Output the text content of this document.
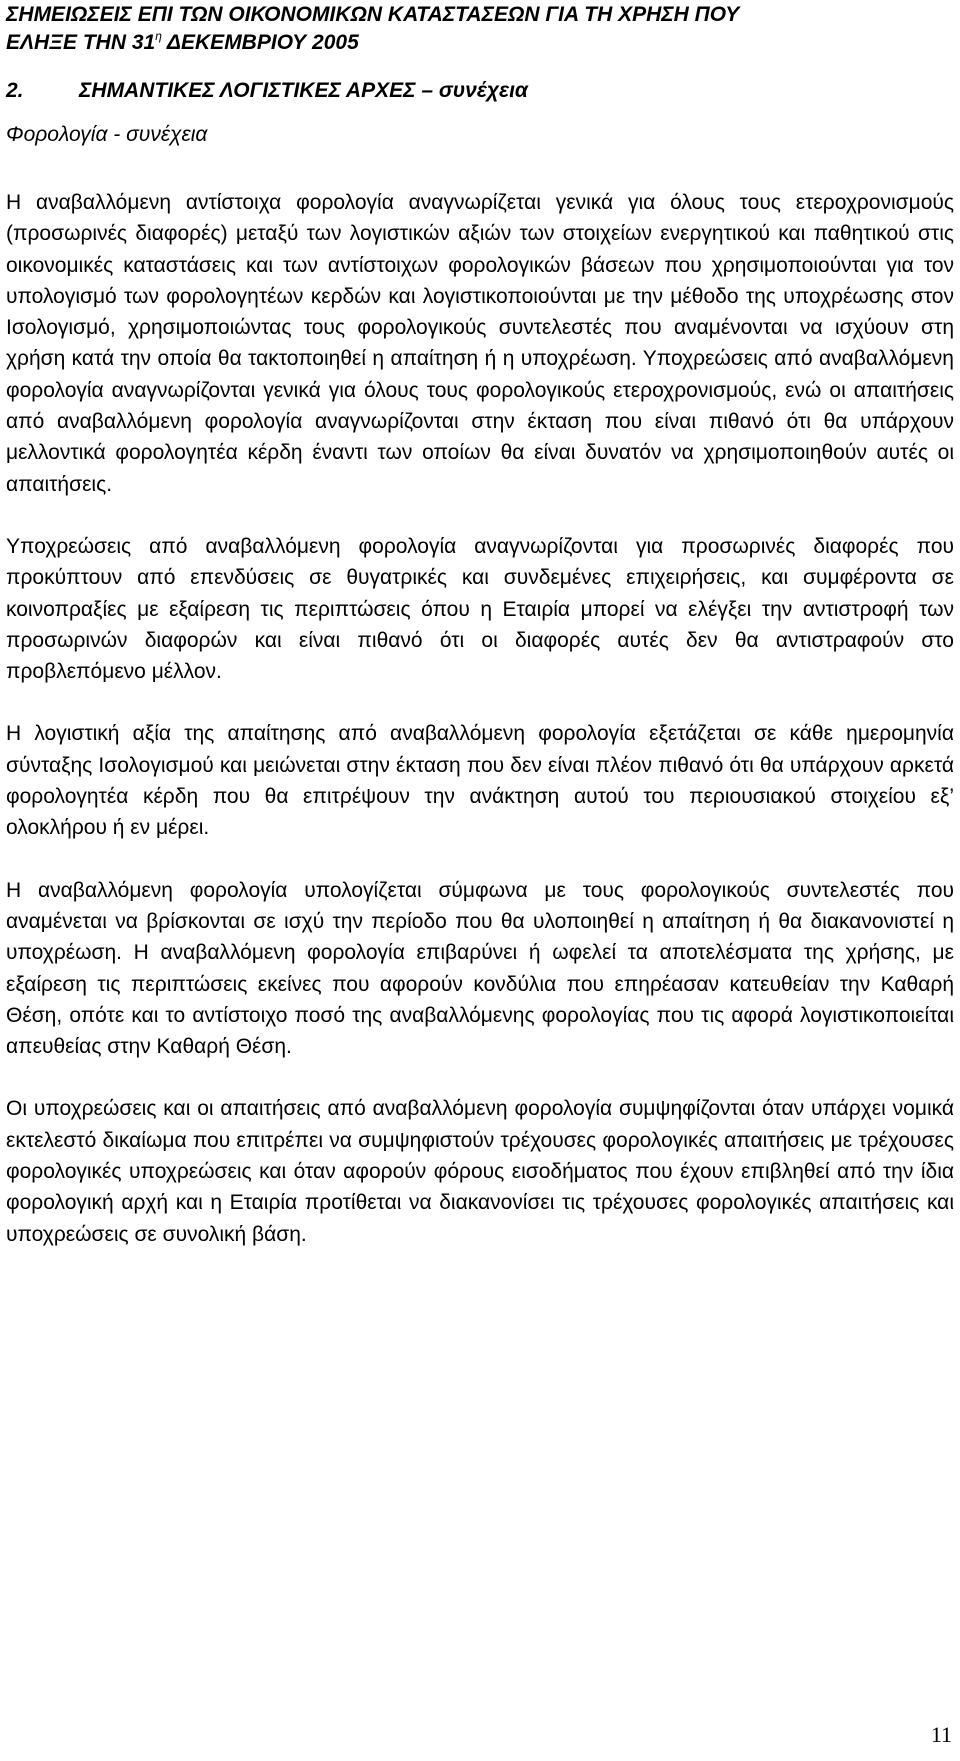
ΣΗΜΕΙΩΣΕΙΣ ΕΠΙ ΤΩΝ ΟΙΚΟΝΟΜΙΚΩΝ ΚΑΤΑΣΤΑΣΕΩΝ ΓΙΑ ΤΗ ΧΡΗΣΗ ΠΟΥ
ΕΛΗΞΕ ΤΗΝ $31^\eta$ ΔΕΚΕΜΒΡΙΟΥ 2005
2.	ΣΗΜΑΝΤΙΚΕΣ ΛΟΓΙΣΤΙΚΕΣ ΑΡΧΕΣ – συνέχεια
Φορολογία - συνέχεια

Η αναβαλλόμενη αντίστοιχα φορολογία αναγνωρίζεται γενικά για όλους τους ετεροχρονισμούς (προσωρινές διαφορές) μεταξύ των λογιστικών αξιών των στοιχείων ενεργητικού και παθητικού στις οικονομικές καταστάσεις και των αντίστοιχων φορολογικών βάσεων που χρησιμοποιούνται για τον υπολογισμό των φορολογητέων κερδών και λογιστικοποιούνται με την μέθοδο της υποχρέωσης στον Ισολογισμό, χρησιμοποιώντας τους φορολογικούς συντελεστές που αναμένονται να ισχύουν στη χρήση κατά την οποία θα τακτοποιηθεί η απαίτηση ή η υποχρέωση. Υποχρεώσεις από αναβαλλόμενη φορολογία αναγνωρίζονται γενικά για όλους τους φορολογικούς ετεροχρονισμούς, ενώ οι απαιτήσεις από αναβαλλόμενη φορολογία αναγνωρίζονται στην έκταση που είναι πιθανό ότι θα υπάρχουν μελλοντικά φορολογητέα κέρδη έναντι των οποίων θα είναι δυνατόν να χρησιμοποιηθούν αυτές οι απαιτήσεις.

Υποχρεώσεις από αναβαλλόμενη φορολογία αναγνωρίζονται για προσωρινές διαφορές που προκύπτουν από επενδύσεις σε θυγατρικές και συνδεμένες επιχειρήσεις, και συμφέροντα σε κοινοπραξίες με εξαίρεση τις περιπτώσεις όπου η Εταιρία μπορεί να ελέγξει την αντιστροφή των προσωρινών διαφορών και είναι πιθανό ότι οι διαφορές αυτές δεν θα αντιστραφούν στο προβλεπόμενο μέλλον.

Η λογιστική αξία της απαίτησης από αναβαλλόμενη φορολογία εξετάζεται σε κάθε ημερομηνία σύνταξης Ισολογισμού και μειώνεται στην έκταση που δεν είναι πλέον πιθανό ότι θα υπάρχουν αρκετά φορολογητέα κέρδη που θα επιτρέψουν την ανάκτηση αυτού του περιουσιακού στοιχείου εξ’ ολοκλήρου ή εν μέρει.

Η αναβαλλόμενη φορολογία υπολογίζεται σύμφωνα με τους φορολογικούς συντελεστές που αναμένεται να βρίσκονται σε ισχύ την περίοδο που θα υλοποιηθεί η απαίτηση ή θα διακανονιστεί η υποχρέωση. Η αναβαλλόμενη φορολογία επιβαρύνει ή ωφελεί τα αποτελέσματα της χρήσης, με εξαίρεση τις περιπτώσεις εκείνες που αφορούν κονδύλια που επηρέασαν κατευθείαν την Καθαρή Θέση, οπότε και το αντίστοιχο ποσό της αναβαλλόμενης φορολογίας που τις αφορά λογιστικοποιείται απευθείας στην Καθαρή Θέση.

Οι υποχρεώσεις και οι απαιτήσεις από αναβαλλόμενη φορολογία συμψηφίζονται όταν υπάρχει νομικά εκτελεστό δικαίωμα που επιτρέπει να συμψηφιστούν τρέχουσες φορολογικές απαιτήσεις με τρέχουσες φορολογικές υποχρεώσεις και όταν αφορούν φόρους εισοδήματος που έχουν επιβληθεί από την ίδια φορολογική αρχή και η Εταιρία προτίθεται να διακανονίσει τις τρέχουσες φορολογικές απαιτήσεις και υποχρεώσεις σε συνολική βάση.

11
